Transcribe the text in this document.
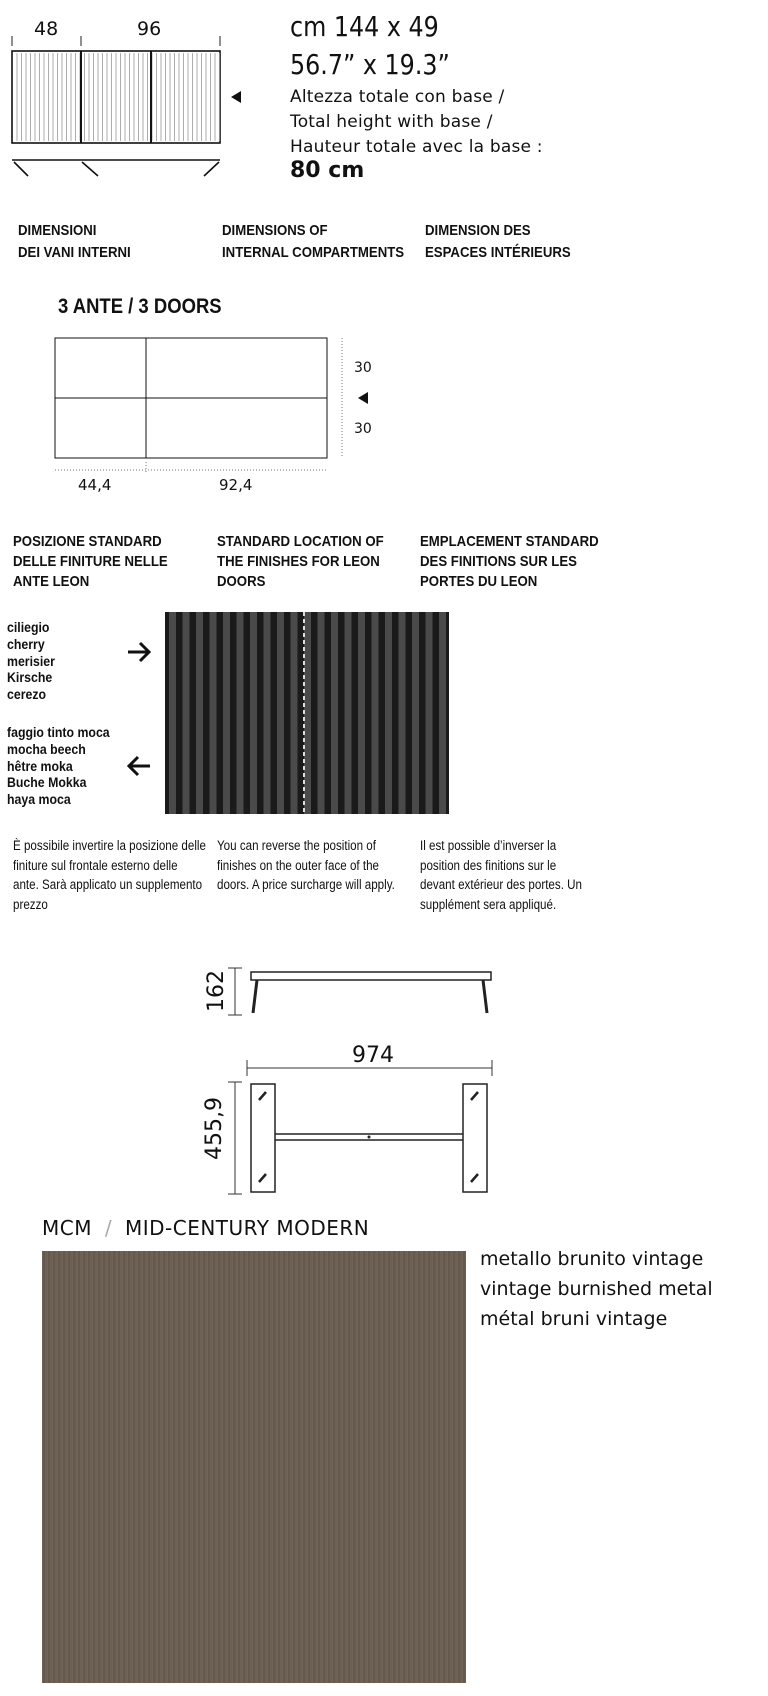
48	96	cm 144 x 49
56.7” x 19.3”
Altezza totale con base /
Total height with base /
Hauteur totale avec la base :
80 cm
DIMENSIONI
DEI VANI INTERNI
DIMENSIONS OF
INTERNAL COMPARTMENTS
DIMENSION DES
ESPACES INTÉRIEURS
3 ANTE / 3 DOORS
30
30
44,4	92,4
POSIZIONE STANDARD
DELLE FINITURE NELLE
ANTE LEON
STANDARD LOCATION OF
THE FINISHES FOR LEON
DOORS
EMPLACEMENT STANDARD
DES FINITIONS SUR LES
PORTES DU LEON
ciliegio
cherry
merisier
Kirsche
cerezo
faggio tinto moca
mocha beech
hêtre moka
Buche Mokka
haya moca
È possibile invertire la posizione delle finiture sul frontale esterno delle ante. Sarà applicato un supplemento prezzo
You can reverse the position of finishes on the outer face of the doors. A price surcharge will apply.
Il est possible d’inverser la position des finitions sur le devant extérieur des portes. Un supplément sera appliqué.
162
974
455,9
MCM / MID-CENTURY MODERN
metallo brunito vintage
vintage burnished metal
métal bruni vintage
